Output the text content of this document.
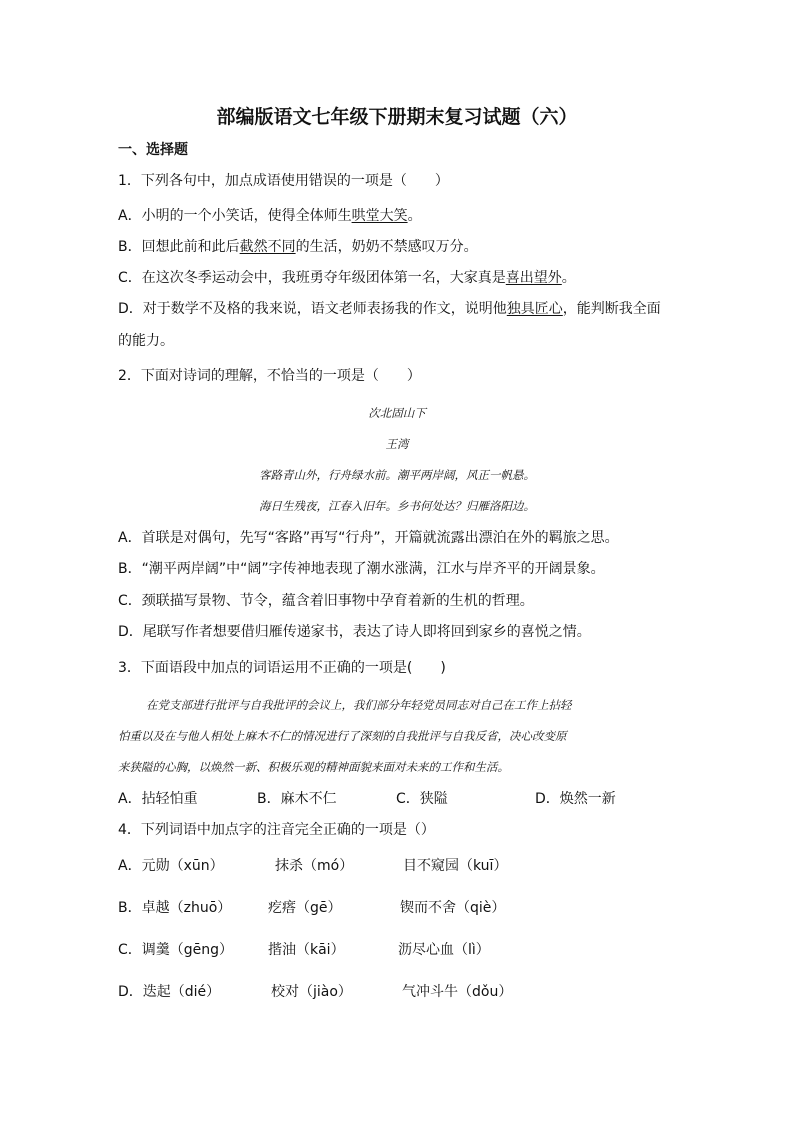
部编版语文七年级下册期末复习试题（六）
一、选择题
1．下列各句中，加点成语使用错误的一项是（　　）
A．小明的一个小笑话，使得全体师生哄堂大笑。
B．回想此前和此后截然不同的生活，奶奶不禁感叹万分。
C．在这次冬季运动会中，我班勇夺年级团体第一名，大家真是喜出望外。
D．对于数学不及格的我来说，语文老师表扬我的作文，说明他独具匠心，能判断我全面
的能力。
2．下面对诗词的理解，不恰当的一项是（　　）
次北固山下
王湾
客路青山外，行舟绿水前。潮平两岸阔，风正一帆悬。
海日生残夜，江春入旧年。乡书何处达？归雁洛阳边。
A．首联是对偶句，先写“客路”再写“行舟”，开篇就流露出漂泊在外的羁旅之思。
B．“潮平两岸阔”中“阔”字传神地表现了潮水涨满，江水与岸齐平的开阔景象。
C．颈联描写景物、节令，蕴含着旧事物中孕育着新的生机的哲理。
D．尾联写作者想要借归雁传递家书，表达了诗人即将回到家乡的喜悦之情。
3．下面语段中加点的词语运用不正确的一项是(　　)
在党支部进行批评与自我批评的会议上，我们部分年轻党员同志对自己在工作上拈轻
怕重以及在与他人相处上麻木不仁的情况进行了深刻的自我批评与自我反省，决心改变原
来狭隘的心胸，以焕然一新、积极乐观的精神面貌来面对未来的工作和生活。
A．拈轻怕重	B．麻木不仁	C．狭隘	D．焕然一新
4．下列词语中加点字的注音完全正确的一项是（）
A．元勋（xūn）	抹杀（mó）	目不窥园（kuī）
B．卓越（zhuō）	疙瘩（gē）	锲而不舍（qiè）
C．调羹（gēng） 揩油（kāi）	沥尽心血（lì）
D．迭起（dié）	校对（jiào）	气冲斗牛（dǒu）
